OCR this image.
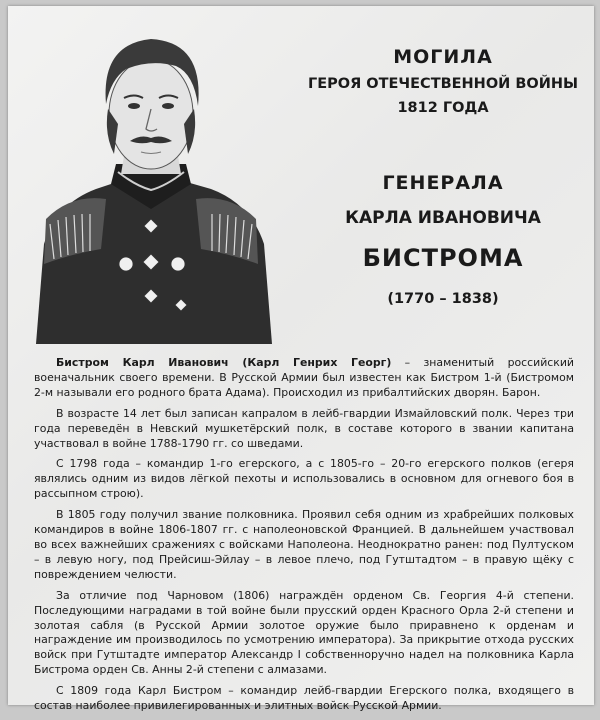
МОГИЛА
ГЕРОЯ ОТЕЧЕСТВЕННОЙ ВОЙНЫ
1812 ГОДА
ГЕНЕРАЛА
КАРЛА ИВАНОВИЧА
БИСТРОМА
(1770 – 1838)

Бистром Карл Иванович (Карл Генрих Георг) – знаменитый российский военачальник своего времени. В Русской Армии был известен как Бистром 1-й (Бистромом 2-м называли его родного брата Адама). Происходил из прибалтийских дворян. Барон.

В возрасте 14 лет был записан капралом в лейб-гвардии Измайловский полк. Через три года переведён в Невский мушкетёрский полк, в составе которого в звании капитана участвовал в войне 1788-1790 гг. со шведами.

С 1798 года – командир 1-го егерского, а с 1805-го – 20-го егерского полков (егеря являлись одним из видов лёгкой пехоты и использовались в основном для огневого боя в рассыпном строю).

В 1805 году получил звание полковника. Проявил себя одним из храбрейших полковых командиров в войне 1806-1807 гг. с наполеоновской Францией. В дальнейшем участвовал во всех важнейших сражениях с войсками Наполеона. Неоднократно ранен: под Пултуском – в левую ногу, под Прейсиш-Эйлау – в левое плечо, под Гутштадтом – в правую щёку с повреждением челюсти.

За отличие под Чарновом (1806) награждён орденом Св. Георгия 4-й степени. Последующими наградами в той войне были прусский орден Красного Орла 2-й степени и золотая сабля (в Русской Армии золотое оружие было приравнено к орденам и награждение им производилось по усмотрению императора). За прикрытие отхода русских войск при Гутштадте император Александр I собственноручно надел на полковника Карла Бистрома орден Св. Анны 2-й степени с алмазами.

С 1809 года Карл Бистром – командир лейб-гвардии Егерского полка, входящего в состав наиболее привилегированных и элитных войск Русской Армии.
